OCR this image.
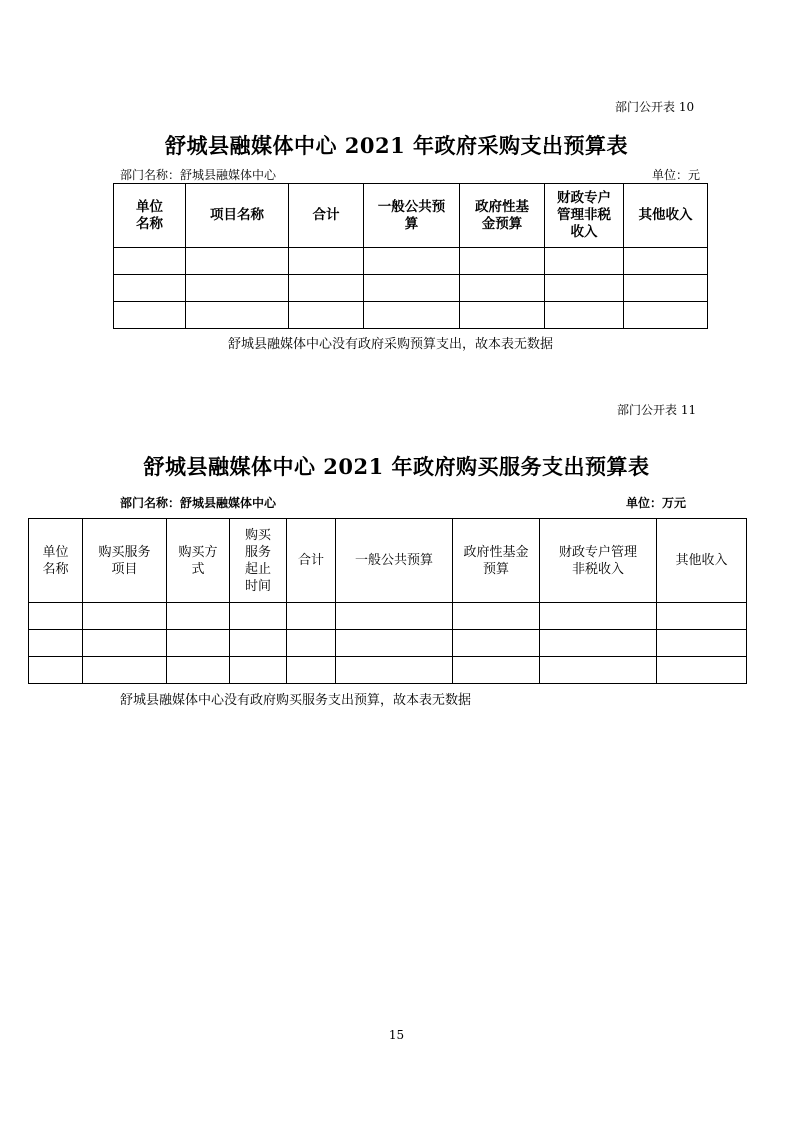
部门公开表 10
舒城县融媒体中心 2021 年政府采购支出预算表
部门名称：舒城县融媒体中心	单位：元
单位名称	项目名称	合计	一般公共预算	政府性基金预算	财政专户管理非税收入	其他收入

舒城县融媒体中心没有政府采购预算支出，故本表无数据
部门公开表 11
舒城县融媒体中心 2021 年政府购买服务支出预算表
部门名称：舒城县融媒体中心	单位：万元
单位名称	购买服务项目	购买方式	购买服务起止时间	合计	一般公共预算	政府性基金预算	财政专户管理非税收入	其他收入

舒城县融媒体中心没有政府购买服务支出预算，故本表无数据
15
